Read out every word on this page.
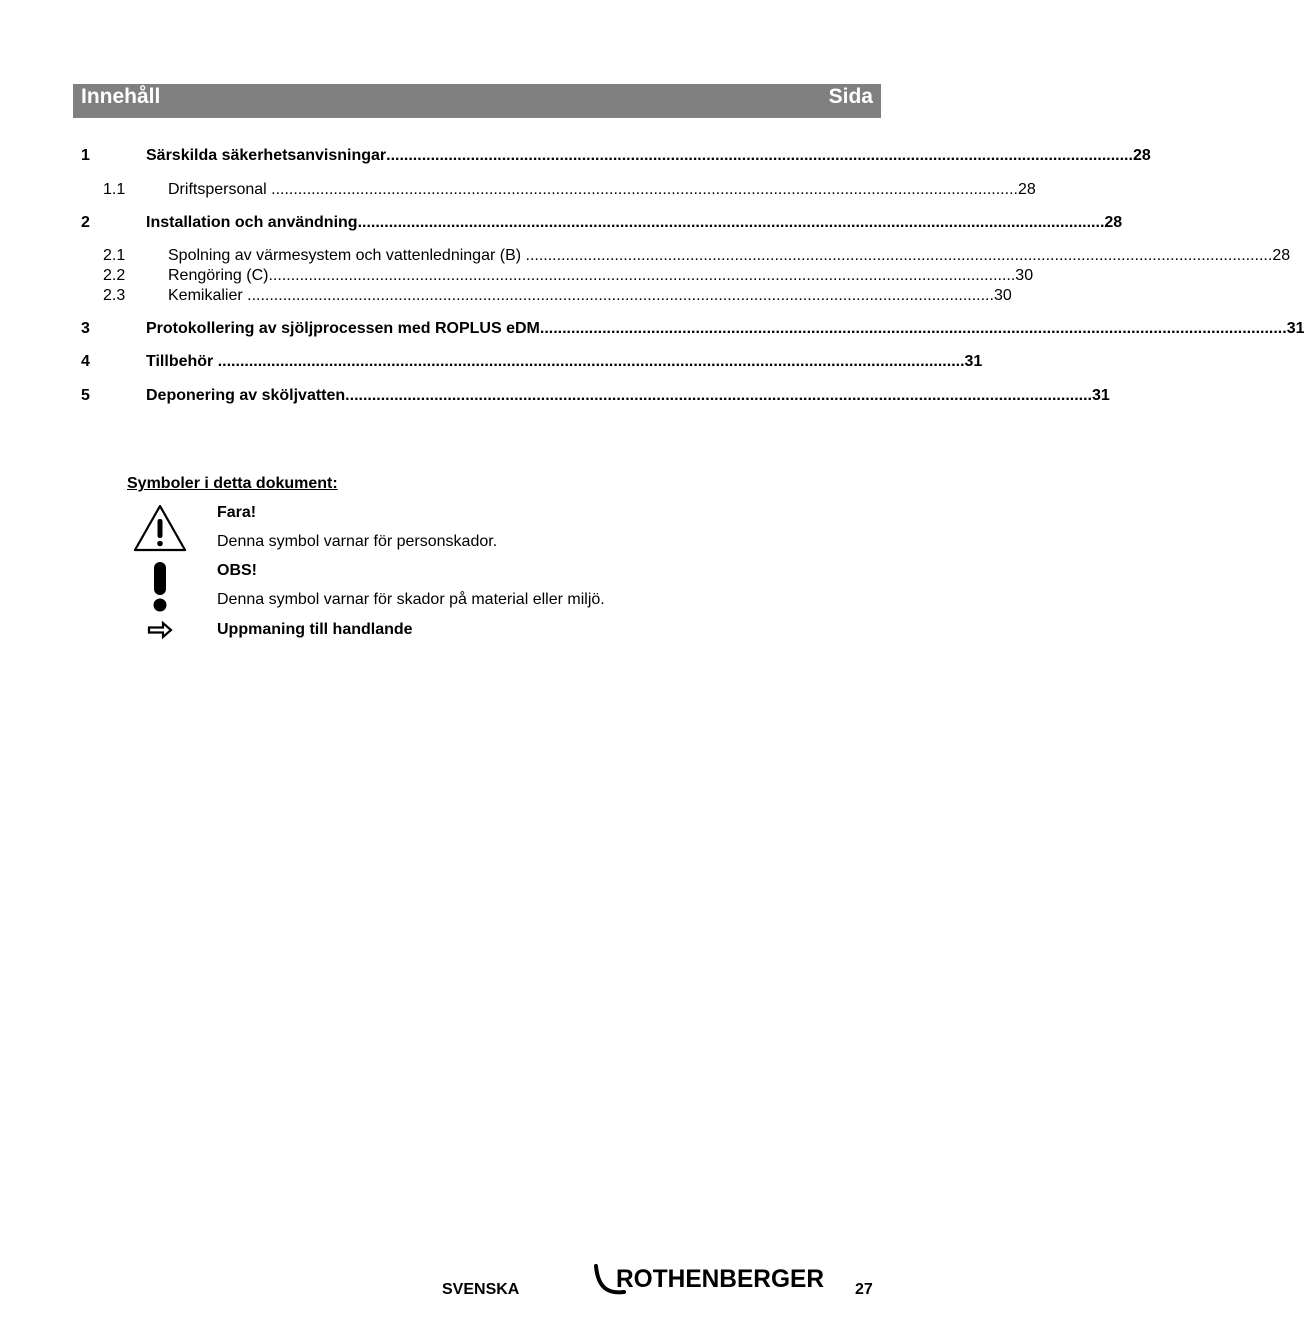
Innehåll	Sida
1	Särskilda säkerhetsanvisningar ........................................................................................................................................................................ 28
1.1	Driftspersonal ........................................................................................................................................................................ 28
2	Installation och användning ........................................................................................................................................................................ 28
2.1	Spolning av värmesystem och vattenledningar (B) ........................................................................................................................................................................ 28
2.2	Rengöring (C) ........................................................................................................................................................................ 30
2.3	Kemikalier ........................................................................................................................................................................ 30
3	Protokollering av sjöljprocessen med ROPLUS eDM ........................................................................................................................................................................ 31
4	Tillbehör ........................................................................................................................................................................ 31
5	Deponering av sköljvatten ........................................................................................................................................................................ 31
Symboler i detta dokument:
Fara!
Denna symbol varnar för personskador.
OBS!
Denna symbol varnar för skador på material eller miljö.
Uppmaning till handlande
SVENSKA	ROTHENBERGER 27
